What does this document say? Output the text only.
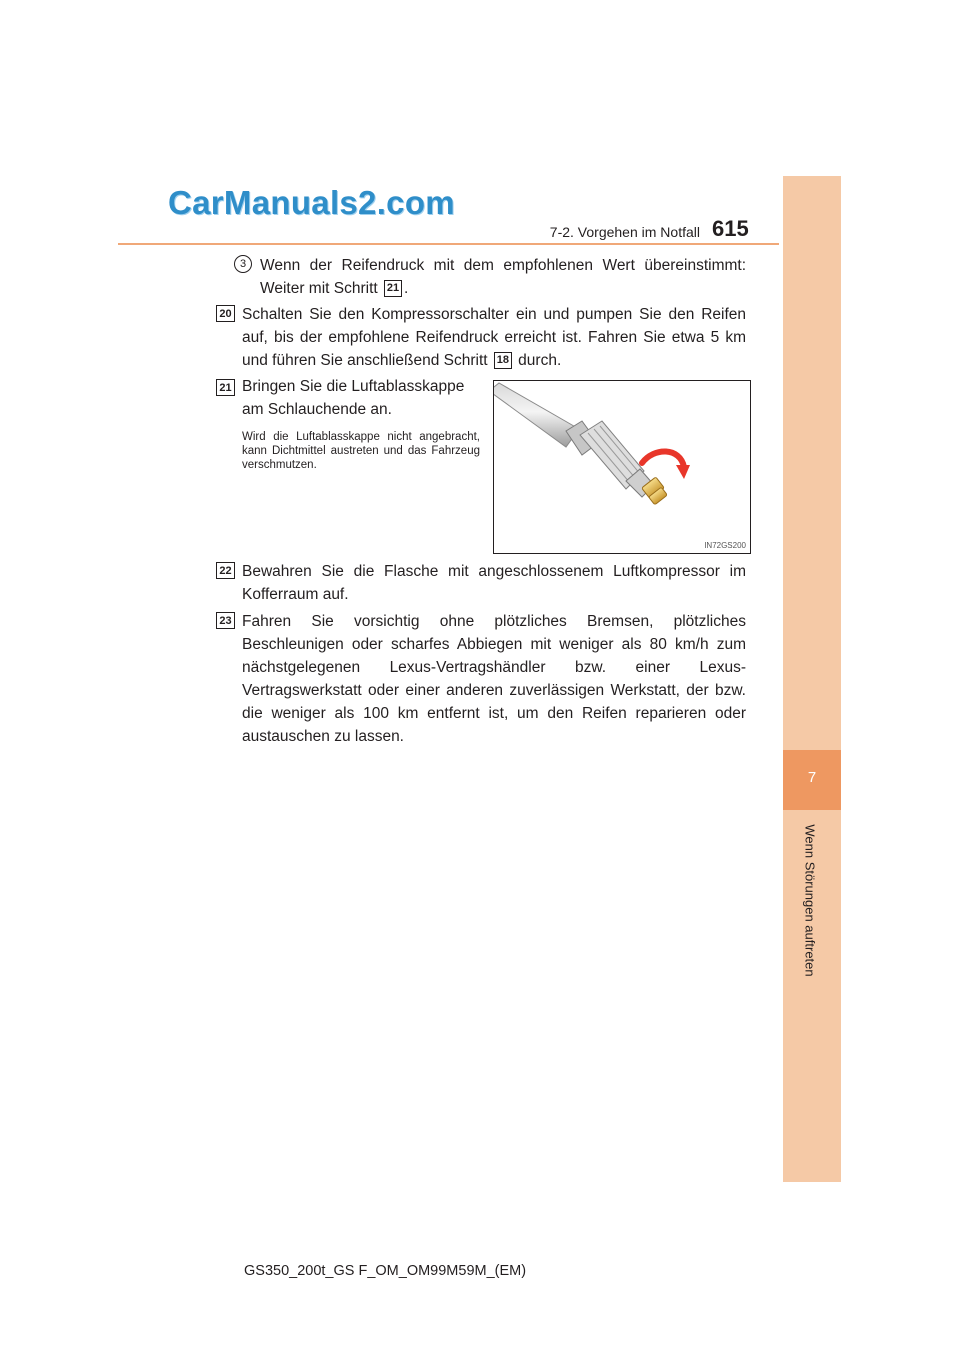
CarManuals2.com
7-2. Vorgehen im Notfall 615
7
Wenn Störungen auftreten
3 Wenn der Reifendruck mit dem empfohlenen Wert übereinstimmt: Weiter mit Schritt 21 .
20 Schalten Sie den Kompressorschalter ein und pumpen Sie den Reifen auf, bis der empfohlene Reifendruck erreicht ist. Fahren Sie etwa 5 km und führen Sie anschließend Schritt 18 durch.
21 Bringen Sie die Luftablasskappe am Schlauchende an.
Wird die Luftablasskappe nicht angebracht, kann Dichtmittel austreten und das Fahrzeug verschmutzen.
IN72GS200
22 Bewahren Sie die Flasche mit angeschlossenem Luftkompressor im Kofferraum auf.
23 Fahren Sie vorsichtig ohne plötzliches Bremsen, plötzliches Beschleunigen oder scharfes Abbiegen mit weniger als 80 km/h zum nächstgelegenen Lexus-Vertragshändler bzw. einer Lexus-Vertragswerkstatt oder einer anderen zuverlässigen Werkstatt, der bzw. die weniger als 100 km entfernt ist, um den Reifen reparieren oder austauschen zu lassen.
GS350_200t_GS F_OM_OM99M59M_(EM)
